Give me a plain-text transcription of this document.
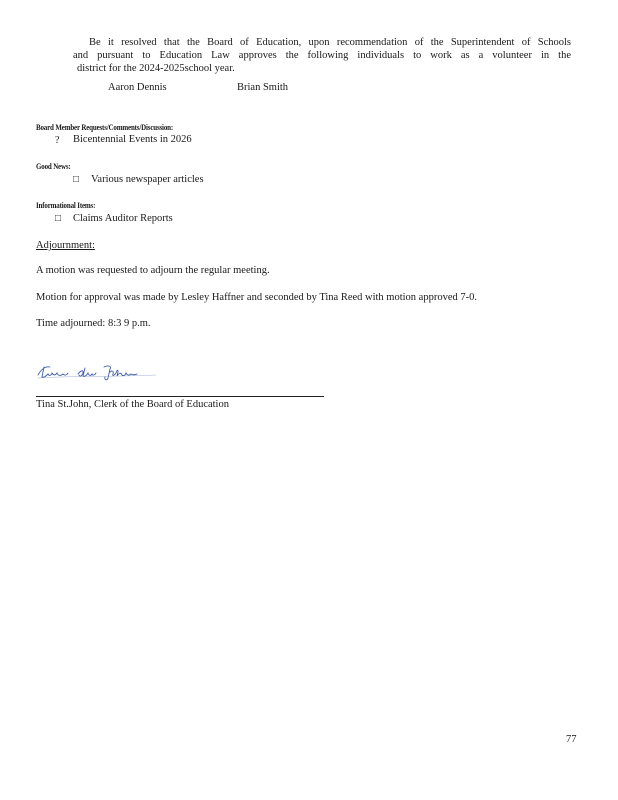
Be it resolved that the Board of Education, upon recommendation of the Superintendent of Schools
and pursuant to Education Law approves the following individuals to work as a volunteer in the
district for the 2024-2025school year.
Aaron Dennis	Brian Smith
Board Member Requests/Comments/Discussion:
? Bicentennial Events in 2026
Good News:
□ Various newspaper articles
Informational Items:
□ Claims Auditor Reports
Adjournment:
A motion was requested to adjourn the regular meeting.
Motion for approval was made by Lesley Haffner and seconded by Tina Reed with motion approved 7-0.
Time adjourned: 8:3 9 p.m.
Tina St.John, Clerk of the Board of Education
77
